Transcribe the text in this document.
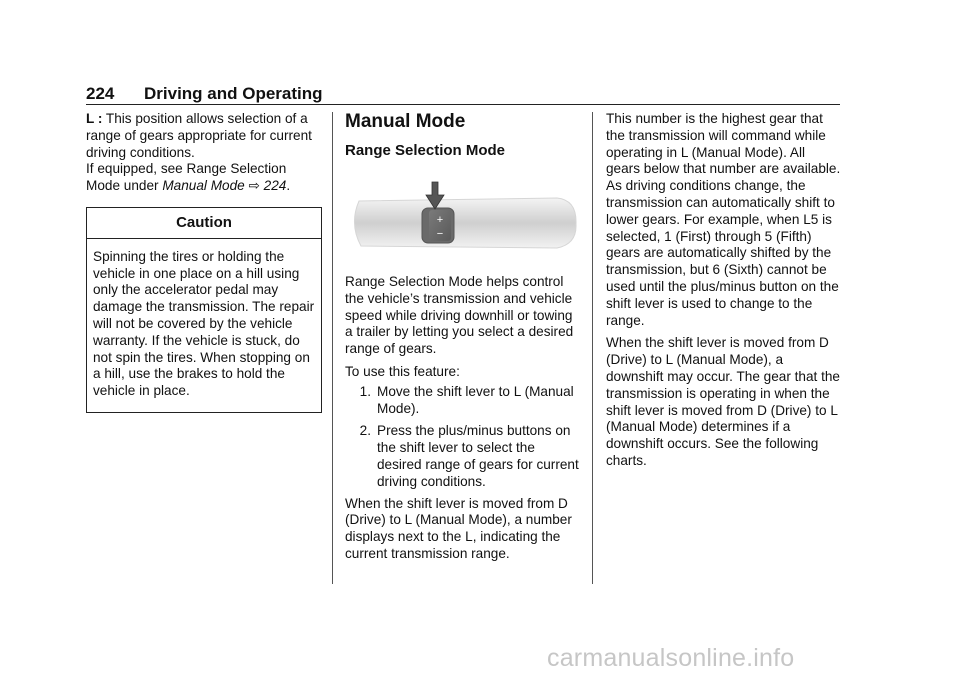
224 Driving and Operating

L : This position allows selection of a range of gears appropriate for current driving conditions.

If equipped, see Range Selection Mode under Manual Mode ⇨ 224.

Caution
Spinning the tires or holding the vehicle in one place on a hill using only the accelerator pedal may damage the transmission. The repair will not be covered by the vehicle warranty. If the vehicle is stuck, do not spin the tires. When stopping on a hill, use the brakes to hold the vehicle in place.
Manual Mode
Range Selection Mode
+
−

Range Selection Mode helps control the vehicle’s transmission and vehicle speed while driving downhill or towing a trailer by letting you select a desired range of gears.

To use this feature:

1. Move the shift lever to L (Manual Mode).
2. Press the plus/minus buttons on the shift lever to select the desired range of gears for current driving conditions.

When the shift lever is moved from D (Drive) to L (Manual Mode), a number displays next to the L, indicating the current transmission range.

This number is the highest gear that the transmission will command while operating in L (Manual Mode). All gears below that number are available. As driving conditions change, the transmission can automatically shift to lower gears. For example, when L5 is selected, 1 (First) through 5 (Fifth) gears are automatically shifted by the transmission, but 6 (Sixth) cannot be used until the plus/minus button on the shift lever is used to change to the range.

When the shift lever is moved from D (Drive) to L (Manual Mode), a downshift may occur. The gear that the transmission is operating in when the shift lever is moved from D (Drive) to L (Manual Mode) determines if a downshift occurs. See the following charts.

carmanualsonline.info
